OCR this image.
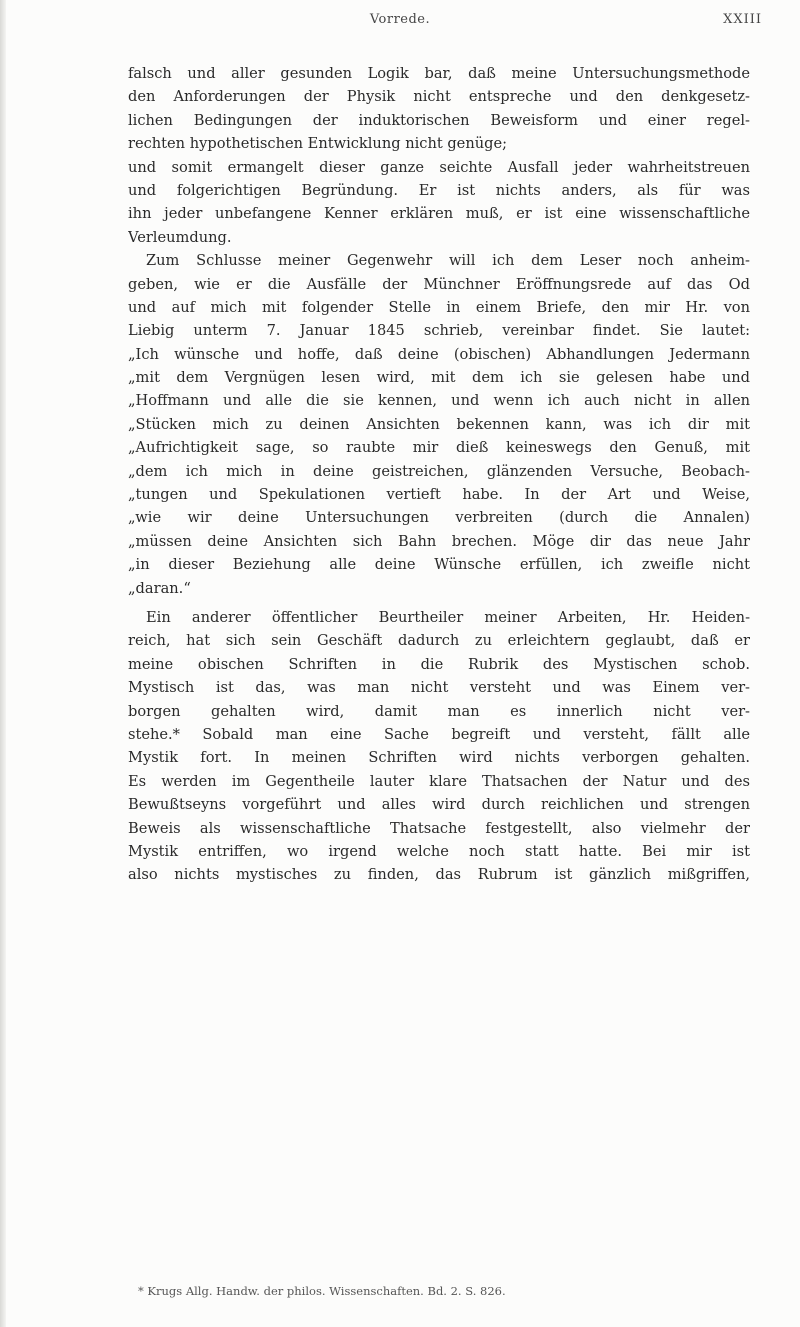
Vorrede.	XXIII
falsch und aller gesunden Logik bar, daß meine Untersuchungsmethode
den Anforderungen der Physik nicht entspreche und den denkgesetz-
lichen Bedingungen der induktorischen Beweisform und einer regel-
rechten hypothetischen Entwicklung nicht genüge;
und somit ermangelt dieser ganze seichte Ausfall jeder wahrheitstreuen
und folgerichtigen Begründung. Er ist nichts anders, als für was
ihn jeder unbefangene Kenner erklären muß, er ist eine wissenschaftliche
Verleumdung.
Zum Schlusse meiner Gegenwehr will ich dem Leser noch anheim-
geben, wie er die Ausfälle der Münchner Eröffnungsrede auf das Od
und auf mich mit folgender Stelle in einem Briefe, den mir Hr. von
Liebig unterm 7. Januar 1845 schrieb, vereinbar findet. Sie lautet:
„Ich wünsche und hoffe, daß deine (obischen) Abhandlungen Jedermann
„mit dem Vergnügen lesen wird, mit dem ich sie gelesen habe und
„Hoffmann und alle die sie kennen, und wenn ich auch nicht in allen
„Stücken mich zu deinen Ansichten bekennen kann, was ich dir mit
„Aufrichtigkeit sage, so raubte mir dieß keineswegs den Genuß, mit
„dem ich mich in deine geistreichen, glänzenden Versuche, Beobach-
„tungen und Spekulationen vertieft habe. In der Art und Weise,
„wie wir deine Untersuchungen verbreiten (durch die Annalen)
„müssen deine Ansichten sich Bahn brechen. Möge dir das neue Jahr
„in dieser Beziehung alle deine Wünsche erfüllen, ich zweifle nicht
„daran.“
Ein anderer öffentlicher Beurtheiler meiner Arbeiten, Hr. Heiden-
reich, hat sich sein Geschäft dadurch zu erleichtern geglaubt, daß er
meine obischen Schriften in die Rubrik des Mystischen schob.
Mystisch ist das, was man nicht versteht und was Einem ver-
borgen gehalten wird, damit man es innerlich nicht ver-
stehe.* Sobald man eine Sache begreift und versteht, fällt alle
Mystik fort. In meinen Schriften wird nichts verborgen gehalten.
Es werden im Gegentheile lauter klare Thatsachen der Natur und des
Bewußtseyns vorgeführt und alles wird durch reichlichen und strengen
Beweis als wissenschaftliche Thatsache festgestellt, also vielmehr der
Mystik entriffen, wo irgend welche noch statt hatte. Bei mir ist
also nichts mystisches zu finden, das Rubrum ist gänzlich mißgriffen,
* Krugs Allg. Handw. der philos. Wissenschaften. Bd. 2. S. 826.
